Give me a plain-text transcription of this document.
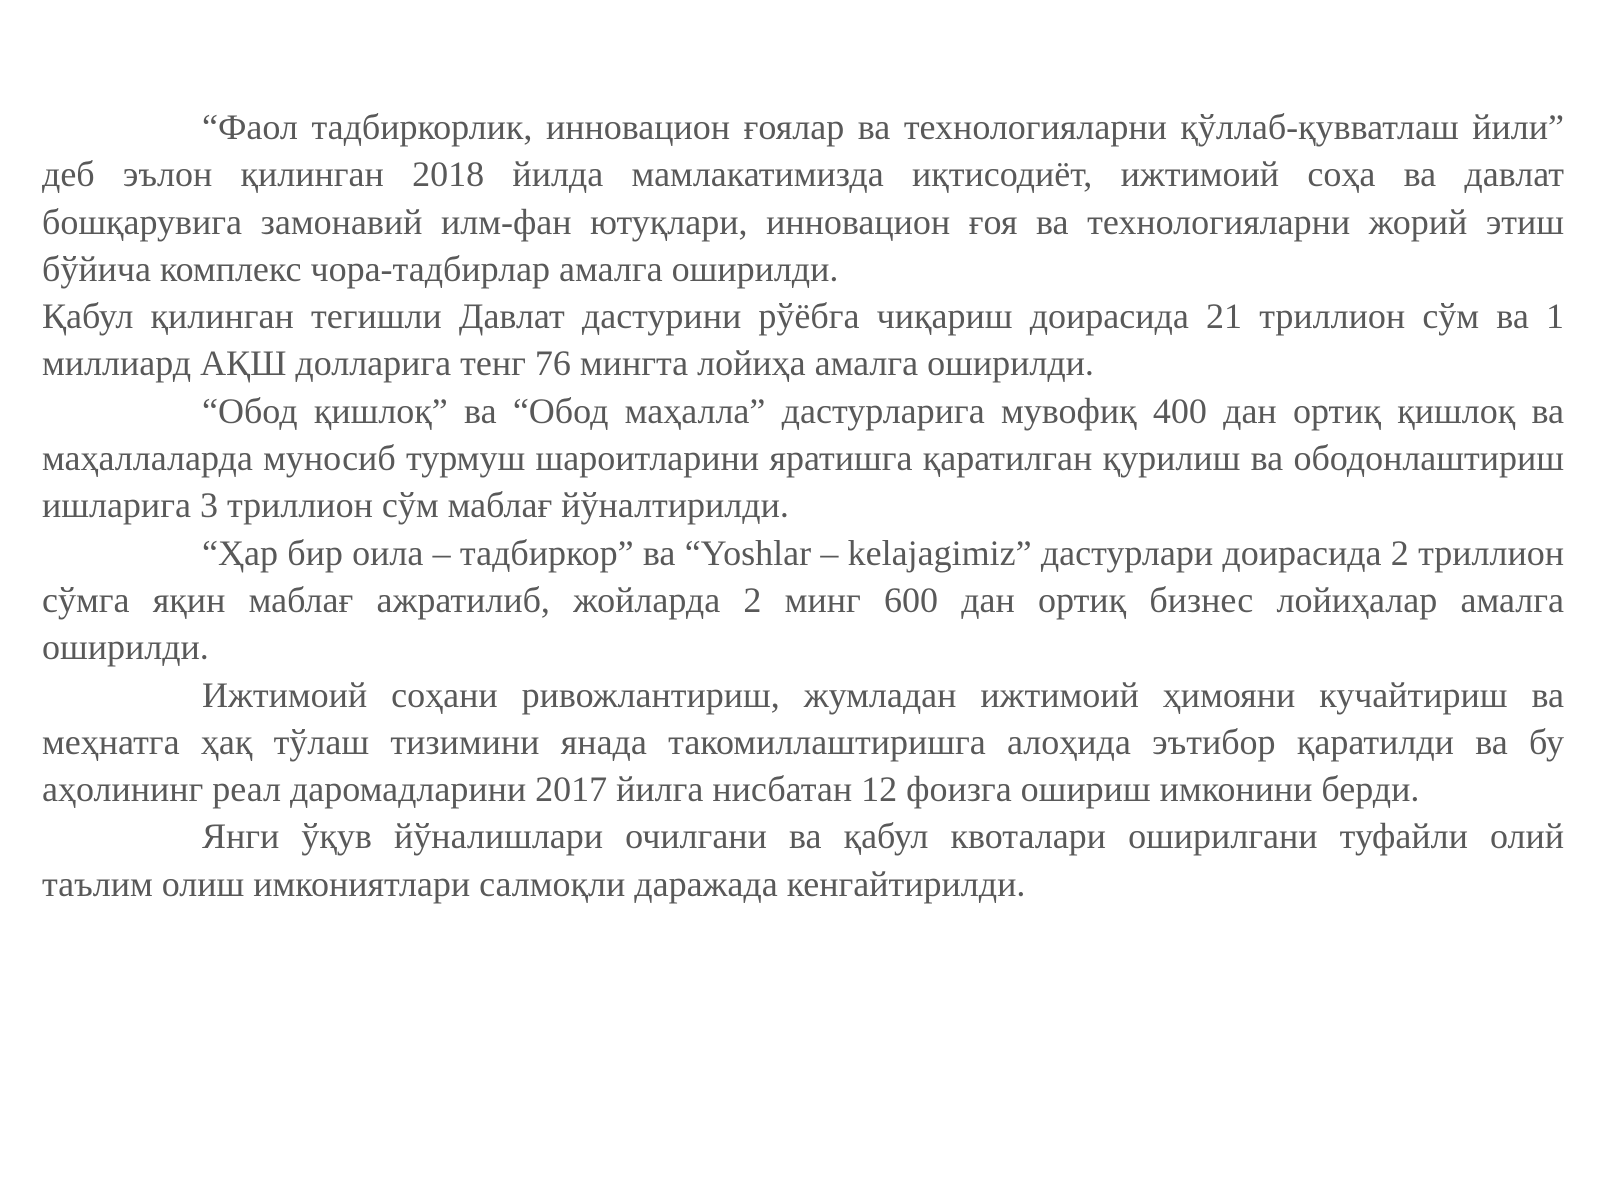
“Фаол тадбиркорлик, инновацион ғоялар ва технологияларни қўллаб-қувватлаш йили” деб эълон қилинган 2018 йилда мамлакатимизда иқтисодиёт, ижтимоий соҳа ва давлат бошқарувига замонавий илм-фан ютуқлари, инновацион ғоя ва технологияларни жорий этиш бўйича комплекс чора-тадбирлар амалга оширилди.

Қабул қилинган тегишли Давлат дастурини рўёбга чиқариш доирасида 21 триллион сўм ва 1 миллиард АҚШ долларига тенг 76 мингта лойиҳа амалга оширилди.

“Обод қишлоқ” ва “Обод маҳалла” дастурларига мувофиқ 400 дан ортиқ қишлоқ ва маҳаллаларда муносиб турмуш шароитларини яратишга қаратилган қурилиш ва ободонлаштириш ишларига 3 триллион сўм маблағ йўналтирилди.

“Ҳар бир оила – тадбиркор” ва “Yoshlar – kelajagimiz” дастурлари доирасида 2 триллион сўмга яқин маблағ ажратилиб, жойларда 2 минг 600 дан ортиқ бизнес лойиҳалар амалга оширилди.

Ижтимоий соҳани ривожлантириш, жумладан ижтимоий ҳимояни кучайтириш ва меҳнатга ҳақ тўлаш тизимини янада такомиллаштиришга алоҳида эътибор қаратилди ва бу аҳолининг реал даромадларини 2017 йилга нисбатан 12 фоизга ошириш имконини берди.

Янги ўқув йўналишлари очилгани ва қабул квоталари оширилгани туфайли олий таълим олиш имкониятлари салмоқли даражада кенгайтирилди.
